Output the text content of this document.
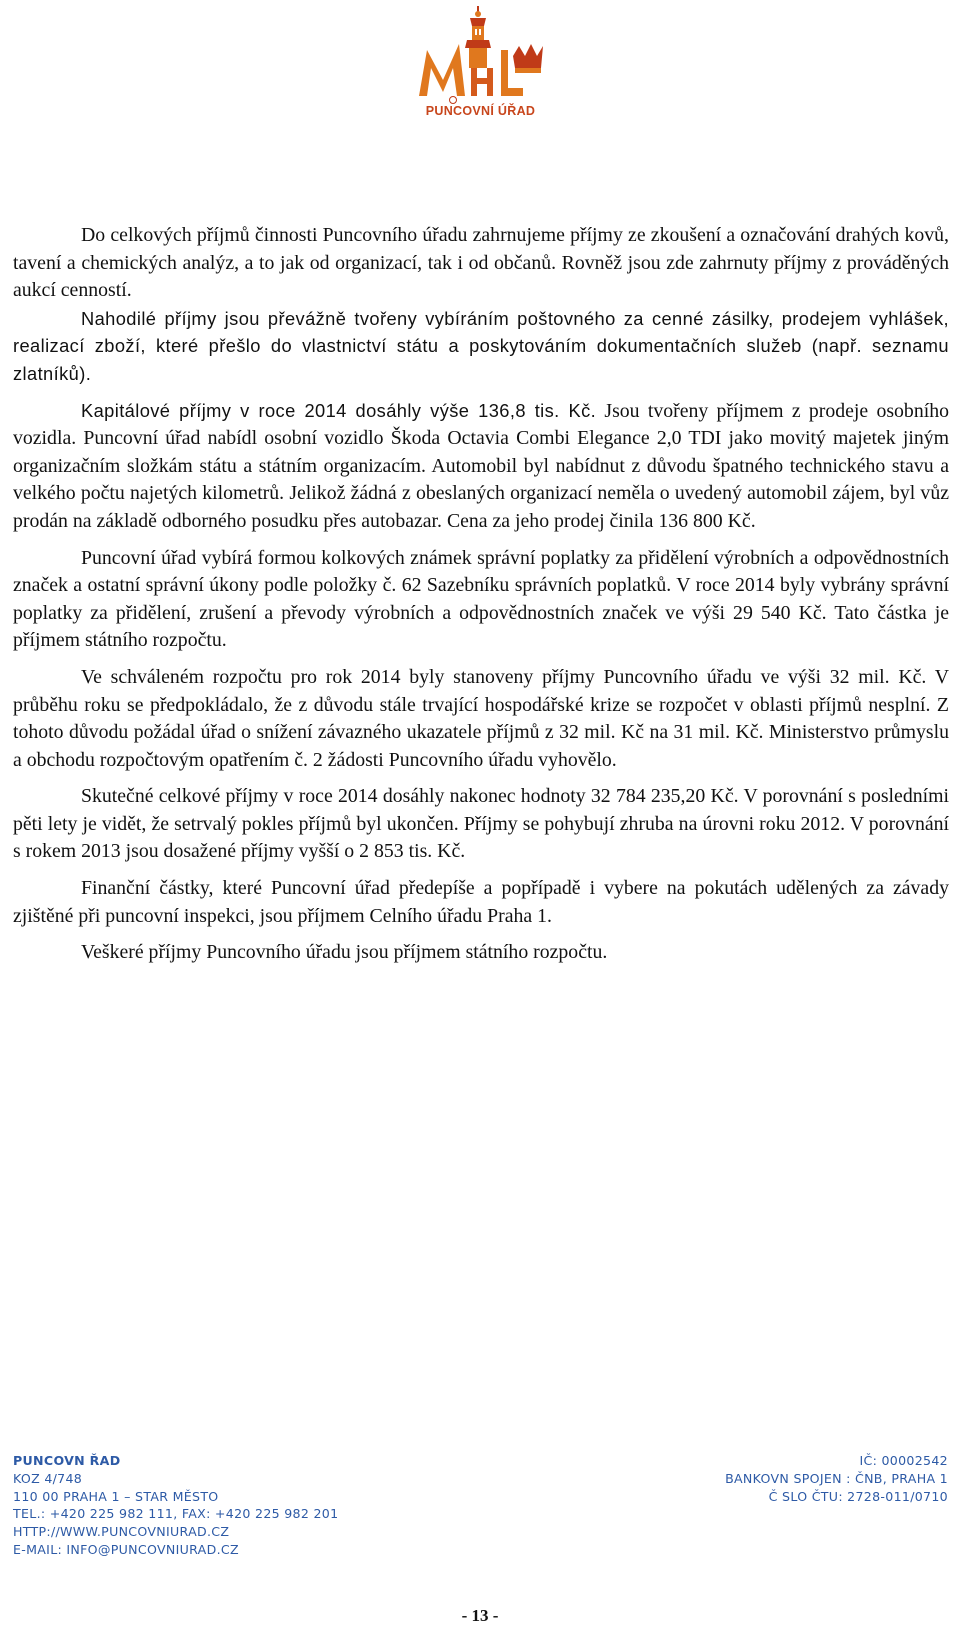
PUNCOVNÍ ÚŘAD

Do celkových příjmů činnosti Puncovního úřadu zahrnujeme příjmy ze zkoušení a označování drahých kovů, tavení a chemických analýz, a to jak od organizací, tak i od občanů. Rovněž jsou zde zahrnuty příjmy z prováděných aukcí cenností.

Nahodilé příjmy jsou převážně tvořeny vybíráním poštovného za cenné zásilky, prodejem vyhlášek, realizací zboží, které přešlo do vlastnictví státu a poskytováním dokumentačních služeb (např. seznamu zlatníků).

Kapitálové příjmy v roce 2014 dosáhly výše 136,8 tis. Kč. Jsou tvořeny příjmem z prodeje osobního vozidla. Puncovní úřad nabídl osobní vozidlo Škoda Octavia Combi Elegance 2,0 TDI jako movitý majetek jiným organizačním složkám státu a státním organizacím. Automobil byl nabídnut z důvodu špatného technického stavu a velkého počtu najetých kilometrů. Jelikož žádná z obeslaných organizací neměla o uvedený automobil zájem, byl vůz prodán na základě odborného posudku přes autobazar. Cena za jeho prodej činila 136 800 Kč.

Puncovní úřad vybírá formou kolkových známek správní poplatky za přidělení výrobních a odpovědnostních značek a ostatní správní úkony podle položky č. 62 Sazebníku správních poplatků. V roce 2014 byly vybrány správní poplatky za přidělení, zrušení a převody výrobních a odpovědnostních značek ve výši 29 540 Kč. Tato částka je příjmem státního rozpočtu.

Ve schváleném rozpočtu pro rok 2014 byly stanoveny příjmy Puncovního úřadu ve výši 32 mil. Kč. V průběhu roku se předpokládalo, že z důvodu stále trvající hospodářské krize se rozpočet v oblasti příjmů nesplní. Z tohoto důvodu požádal úřad o snížení závazného ukazatele příjmů z 32 mil. Kč na 31 mil. Kč. Ministerstvo průmyslu a obchodu rozpočtovým opatřením č. 2 žádosti Puncovního úřadu vyhovělo.

Skutečné celkové příjmy v roce 2014 dosáhly nakonec hodnoty 32 784 235,20 Kč. V porovnání s posledními pěti lety je vidět, že setrvalý pokles příjmů byl ukončen. Příjmy se pohybují zhruba na úrovni roku 2012. V porovnání s rokem 2013 jsou dosažené příjmy vyšší o 2 853 tis. Kč.

Finanční částky, které Puncovní úřad předepíše a popřípadě i vybere na pokutách udělených za závady zjištěné při puncovní inspekci, jsou příjmem Celního úřadu Praha 1.

Veškeré příjmy Puncovního úřadu jsou příjmem státního rozpočtu.

PUNCOVN ŘAD
KOZ 4/748
110 00 PRAHA 1 – STAR MĚSTO
TEL.: +420 225 982 111, FAX: +420 225 982 201
HTTP://WWW.PUNCOVNIURAD.CZ
E-MAIL: INFO@PUNCOVNIURAD.CZ
IČ: 00002542
BANKOVN SPOJEN : ČNB, PRAHA 1
Č SLO ČTU: 2728-011/0710
- 13 -
